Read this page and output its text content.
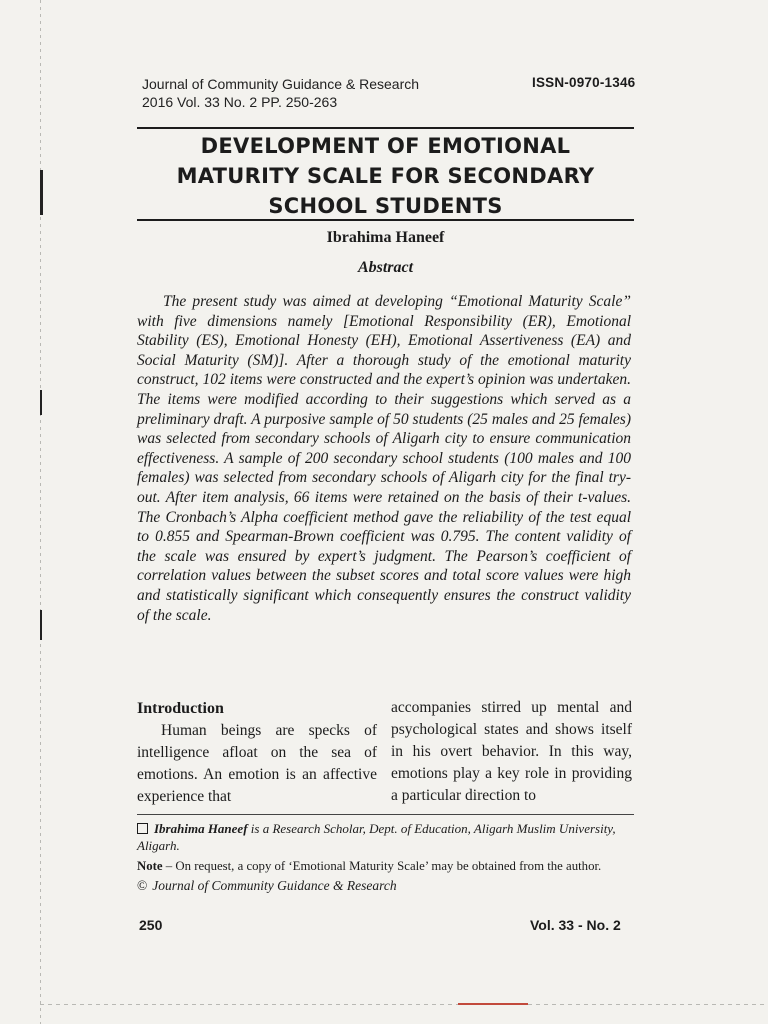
Journal of Community Guidance & Research
2016 Vol. 33 No. 2 PP. 250-263
ISSN-0970-1346
DEVELOPMENT OF EMOTIONAL
MATURITY SCALE FOR SECONDARY
SCHOOL STUDENTS
Ibrahima Haneef
Abstract

The present study was aimed at developing “Emotional Maturity Scale” with five dimensions namely [Emotional Responsibility (ER), Emotional Stability (ES), Emotional Honesty (EH), Emotional Assertiveness (EA) and Social Maturity (SM)]. After a thorough study of the emotional maturity construct, 102 items were constructed and the expert’s opinion was undertaken. The items were modified according to their suggestions which served as a preliminary draft. A purposive sample of 50 students (25 males and 25 females) was selected from secondary schools of Aligarh city to ensure communication effectiveness. A sample of 200 secondary school students (100 males and 100 females) was selected from secondary schools of Aligarh city for the final try-out. After item analysis, 66 items were retained on the basis of their t-values. The Cronbach’s Alpha coefficient method gave the reliability of the test equal to 0.855 and Spearman-Brown coefficient was 0.795. The content validity of the scale was ensured by expert’s judgment. The Pearson’s coefficient of correlation values between the subset scores and total score values were high and statistically significant which consequently ensures the construct validity of the scale.

Introduction

Human beings are specks of intelligence afloat on the sea of emotions. An emotion is an affective experience that

accompanies stirred up mental and psychological states and shows itself in his overt behavior. In this way, emotions play a key role in providing a particular direction to

Ibrahima Haneef is a Research Scholar, Dept. of Education, Aligarh Muslim University, Aligarh.

Note – On request, a copy of ‘Emotional Maturity Scale’ may be obtained from the author.
© Journal of Community Guidance & Research
250	Vol. 33 - No. 2
